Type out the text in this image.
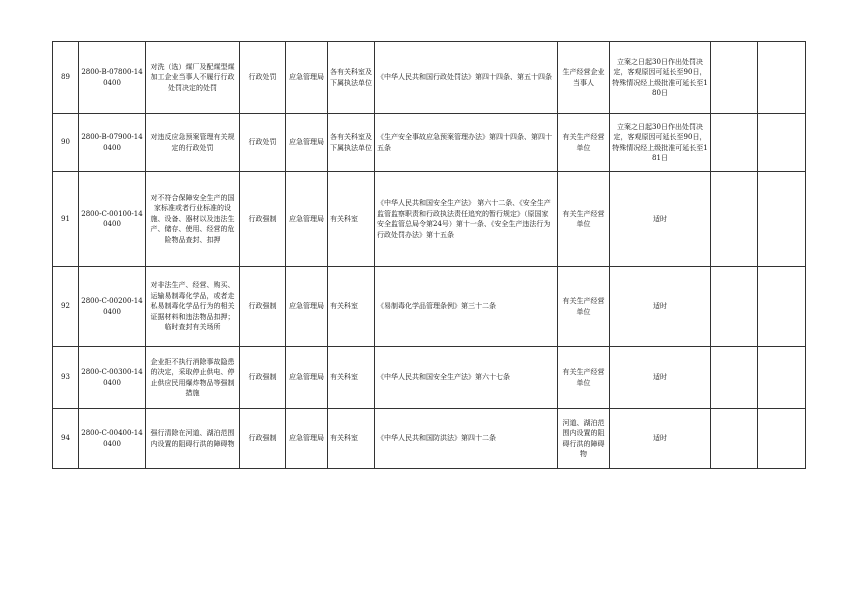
89	2800-B-07800-140400	对洗（选）煤厂及配煤型煤加工企业当事人不履行行政处罚决定的处罚	行政处罚	应急管理局	各有关科室及下属执法单位	《中华人民共和国行政处罚法》第四十四条、第五十四条	生产经营企业当事人	立案之日起30日作出处罚决定，客观原因可延长至90日，特殊情况经上级批准可延长至180日		
90	2800-B-07900-140400	对违反应急预案管理有关规定的行政处罚	行政处罚	应急管理局	各有关科室及下属执法单位	《生产安全事故应急预案管理办法》第四十四条、第四十五条	有关生产经营单位	立案之日起30日作出处罚决定，客观原因可延长至90日，特殊情况经上级批准可延长至181日		
91	2800-C-00100-140400	对不符合保障安全生产的国家标准或者行业标准的设施、设备、器材以及违法生产、储存、使用、经营的危险物品查封、扣押	行政强制	应急管理局	有关科室	《中华人民共和国安全生产法》 第六十二条、《安全生产监管监察职责和行政执法责任追究的暂行规定》（原国家安全监管总局令第24号）第十一条、《安全生产违法行为行政处罚办法》第十五条	有关生产经营单位	适时		
92	2800-C-00200-140400	对非法生产、经营、购买、运输易制毒化学品，或者走私易制毒化学品行为的相关证据材料和违法物品扣押；临时查封有关场所	行政强制	应急管理局	有关科室	《易制毒化学品管理条例》第三十二条	有关生产经营单位	适时		
93	2800-C-00300-140400	企业拒不执行消除事故隐患的决定，采取停止供电、停止供应民用爆炸物品等强制措施	行政强制	应急管理局	有关科室	《中华人民共和国安全生产法》第六十七条	有关生产经营单位	适时		
94	2800-C-00400-140400	强行清除在河道、湖泊范围内设置的阻碍行洪的障碍物	行政强制	应急管理局	有关科室	《中华人民共和国防洪法》第四十二条	河道、湖泊范围内设置的阻碍行洪的障碍物	适时		
